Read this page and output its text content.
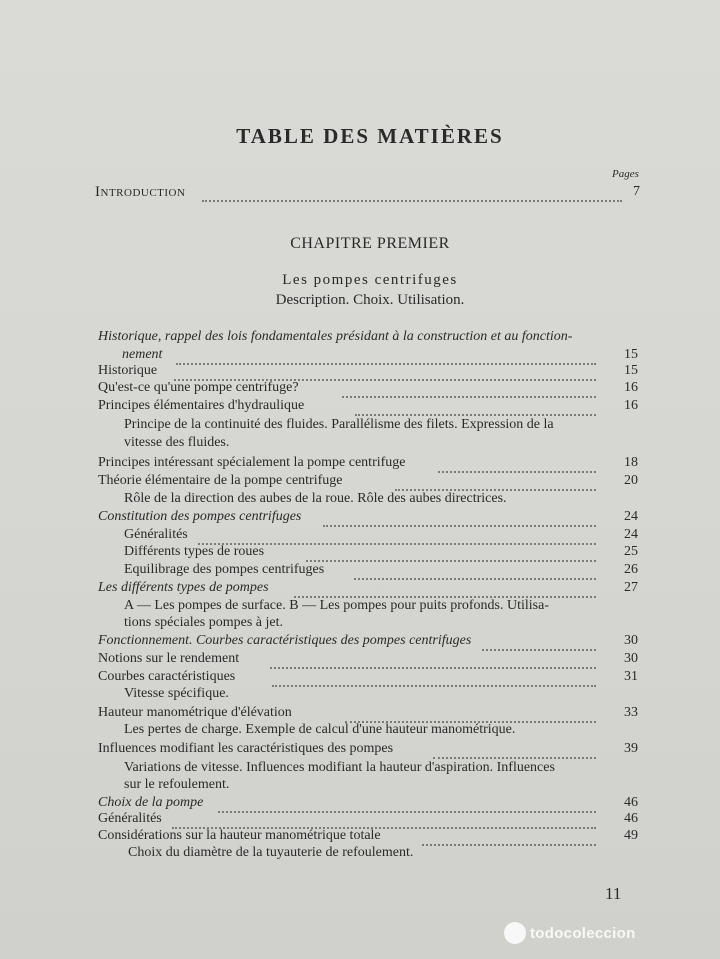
TABLE DES MATIÈRES
Pages
Introduction	7
CHAPITRE PREMIER
Les pompes centrifuges
Description. Choix. Utilisation.
Historique, rappel des lois fondamentales présidant à la construction et au fonction-
nement	15
Historique	15
Qu'est-ce qu'une pompe centrifuge?	16
Principes élémentaires d'hydraulique	16
Principe de la continuité des fluides. Parallélisme des filets. Expression de la
vitesse des fluides.
Principes intéressant spécialement la pompe centrifuge	18
Théorie élémentaire de la pompe centrifuge	20
Rôle de la direction des aubes de la roue. Rôle des aubes directrices.
Constitution des pompes centrifuges	24
Généralités	24
Différents types de roues	25
Equilibrage des pompes centrifuges	26
Les différents types de pompes	27
A — Les pompes de surface. B — Les pompes pour puits profonds. Utilisa-
tions spéciales pompes à jet.
Fonctionnement. Courbes caractéristiques des pompes centrifuges	30
Notions sur le rendement	30
Courbes caractéristiques	31
Vitesse spécifique.
Hauteur manométrique d'élévation	33
Les pertes de charge. Exemple de calcul d'une hauteur manométrique.
Influences modifiant les caractéristiques des pompes	39
Variations de vitesse. Influences modifiant la hauteur d'aspiration. Influences
sur le refoulement.
Choix de la pompe	46
Généralités	46
Considérations sur la hauteur manométrique totale	49
Choix du diamètre de la tuyauterie de refoulement.
11
todocoleccion
